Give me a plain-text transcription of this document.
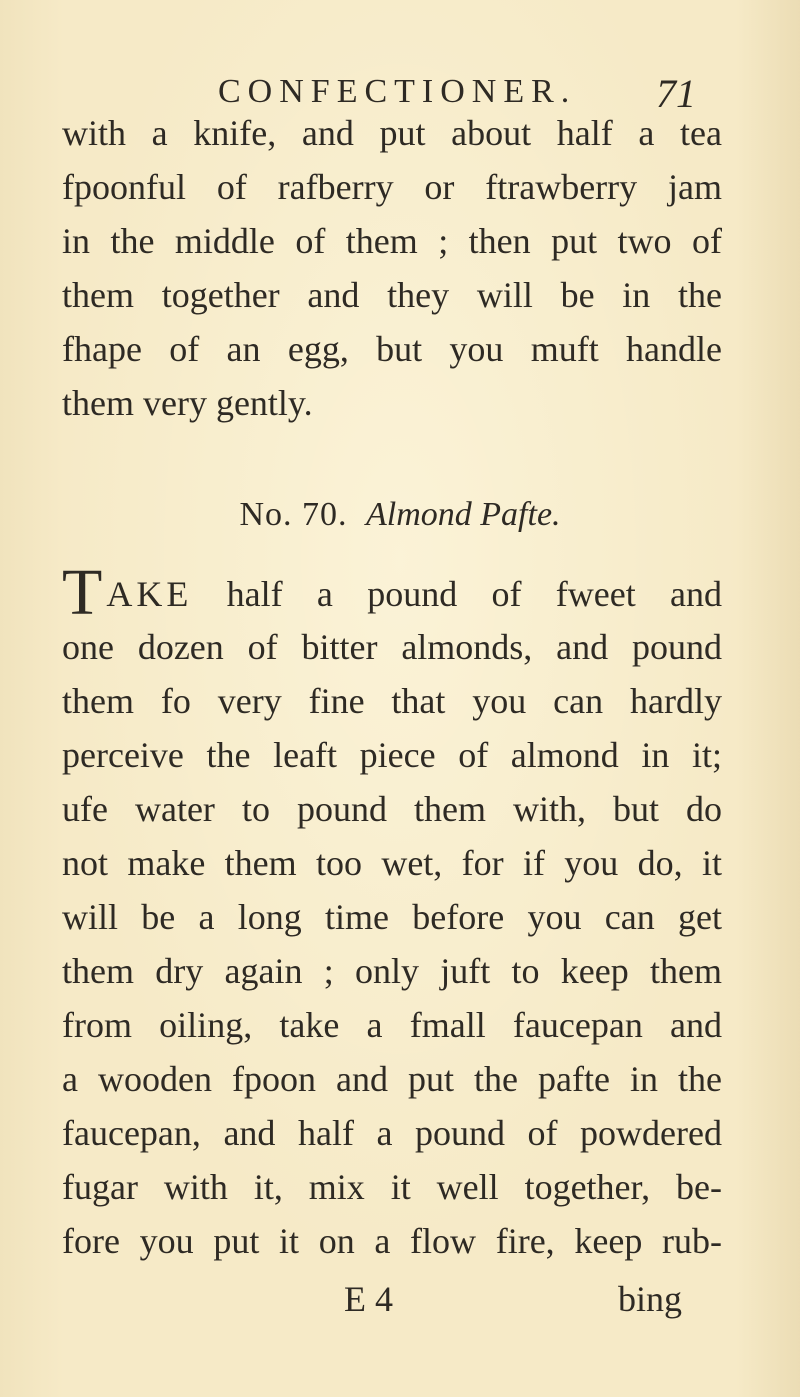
CONFECTIONER. 71
with a knife, and put about half a tea
fpoonful of rafberry or ftrawberry jam
in the middle of them ; then put two of
them together and they will be in the
fhape of an egg, but you muft handle
them very gently.
No. 70. Almond Pafte.
TAKE half a pound of fweet and
one dozen of bitter almonds, and pound
them fo very fine that you can hardly
perceive the leaft piece of almond in it;
ufe water to pound them with, but do
not make them too wet, for if you do, it
will be a long time before you can get
them dry again ; only juft to keep them
from oiling, take a fmall faucepan and
a wooden fpoon and put the pafte in the
faucepan, and half a pound of powdered
fugar with it, mix it well together, be-
fore you put it on a flow fire, keep rub-
E 4	bing
